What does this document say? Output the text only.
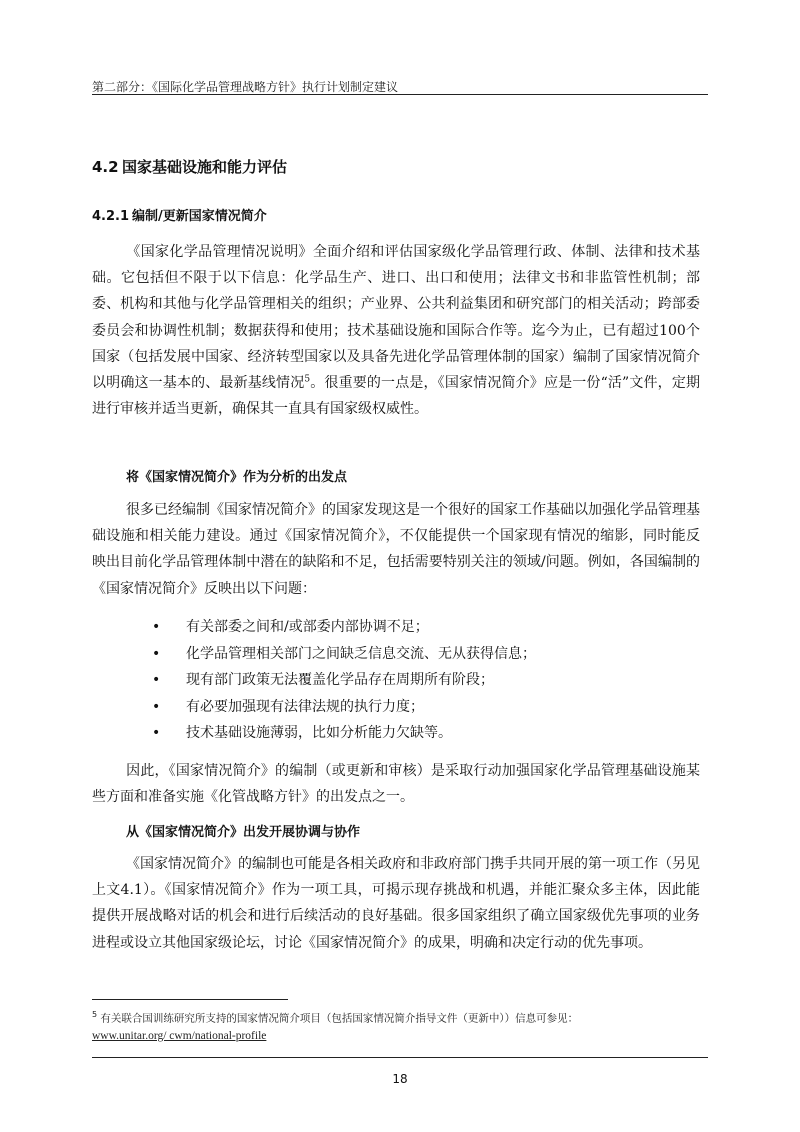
第二部分：《国际化学品管理战略方针》执行计划制定建议
4.2 国家基础设施和能力评估
4.2.1 编制/更新国家情况简介
《国家化学品管理情况说明》全面介绍和评估国家级化学品管理行政、体制、法律和技术基础。它包括但不限于以下信息：化学品生产、进口、出口和使用；法律文书和非监管性机制；部委、机构和其他与化学品管理相关的组织；产业界、公共利益集团和研究部门的相关活动；跨部委委员会和协调性机制；数据获得和使用；技术基础设施和国际合作等。迄今为止，已有超过100个国家（包括发展中国家、经济转型国家以及具备先进化学品管理体制的国家）编制了国家情况简介以明确这一基本的、最新基线情况$^5$。很重要的一点是，《国家情况简介》应是一份“活”文件，定期进行审核并适当更新，确保其一直具有国家级权威性。
将《国家情况简介》作为分析的出发点
很多已经编制《国家情况简介》的国家发现这是一个很好的国家工作基础以加强化学品管理基础设施和相关能力建设。通过《国家情况简介》，不仅能提供一个国家现有情况的缩影，同时能反映出目前化学品管理体制中潜在的缺陷和不足，包括需要特别关注的领域/问题。例如，各国编制的《国家情况简介》反映出以下问题：
• 有关部委之间和/或部委内部协调不足；
• 化学品管理相关部门之间缺乏信息交流、无从获得信息；
• 现有部门政策无法覆盖化学品存在周期所有阶段；
• 有必要加强现有法律法规的执行力度；
• 技术基础设施薄弱，比如分析能力欠缺等。
因此，《国家情况简介》的编制（或更新和审核）是采取行动加强国家化学品管理基础设施某些方面和准备实施《化管战略方针》的出发点之一。
从《国家情况简介》出发开展协调与协作
《国家情况简介》的编制也可能是各相关政府和非政府部门携手共同开展的第一项工作（另见上文4.1）。《国家情况简介》作为一项工具，可揭示现存挑战和机遇，并能汇聚众多主体，因此能提供开展战略对话的机会和进行后续活动的良好基础。很多国家组织了确立国家级优先事项的业务进程或设立其他国家级论坛，讨论《国家情况简介》的成果，明确和决定行动的优先事项。
$^5$ 有关联合国训练研究所支持的国家情况简介项目（包括国家情况简介指导文件（更新中））信息可参见：
www.unitar.org/ cwm/national-profile
18
